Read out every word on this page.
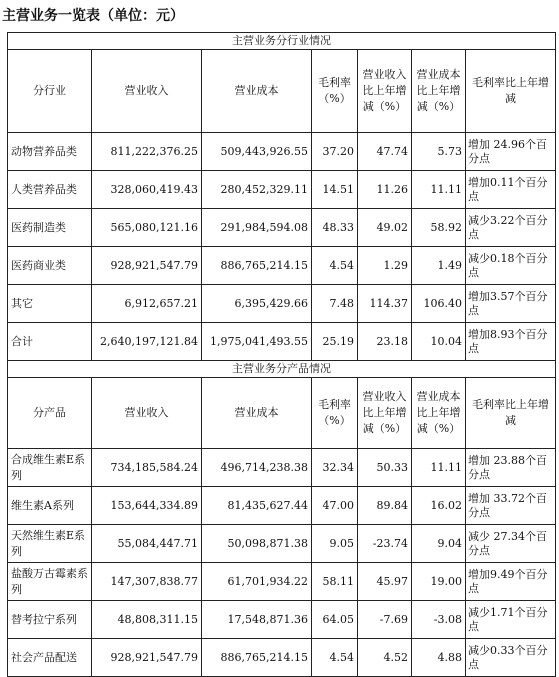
主营业务一览表（单位：元）
主营业务分行业情况						
分行业	营业收入	营业成本	毛利率（%）	营业收入比上年增减（%）	营业成本比上年增减（%）	毛利率比上年增减
动物营养品类	811,222,376.25	509,443,926.55	37.20	47.74	5.73	增加 24.96个百分点
人类营养品类	328,060,419.43	280,452,329.11	14.51	11.26	11.11	增加0.11个百分点
医药制造类	565,080,121.16	291,984,594.08	48.33	49.02	58.92	减少3.22个百分点
医药商业类	928,921,547.79	886,765,214.15	4.54	1.29	1.49	减少0.18个百分点
其它	6,912,657.21	6,395,429.66	7.48	114.37	106.40	增加3.57个百分点
合计	2,640,197,121.84	1,975,041,493.55	25.19	23.18	10.04	增加8.93个百分点
主营业务分产品情况						
分产品	营业收入	营业成本	毛利率（%）	营业收入比上年增减（%）	营业成本比上年增减（%）	毛利率比上年增减
合成维生素E系列	734,185,584.24	496,714,238.38	32.34	50.33	11.11	增加 23.88个百分点
维生素A系列	153,644,334.89	81,435,627.44	47.00	89.84	16.02	增加 33.72个百分点
天然维生素E系列	55,084,447.71	50,098,871.38	9.05	-23.74	9.04	减少 27.34个百分点
盐酸万古霉素系列	147,307,838.77	61,701,934.22	58.11	45.97	19.00	增加9.49个百分点
替考拉宁系列	48,808,311.15	17,548,871.36	64.05	-7.69	-3.08	减少1.71个百分点
社会产品配送	928,921,547.79	886,765,214.15	4.54	4.52	4.88	减少0.33个百分点
